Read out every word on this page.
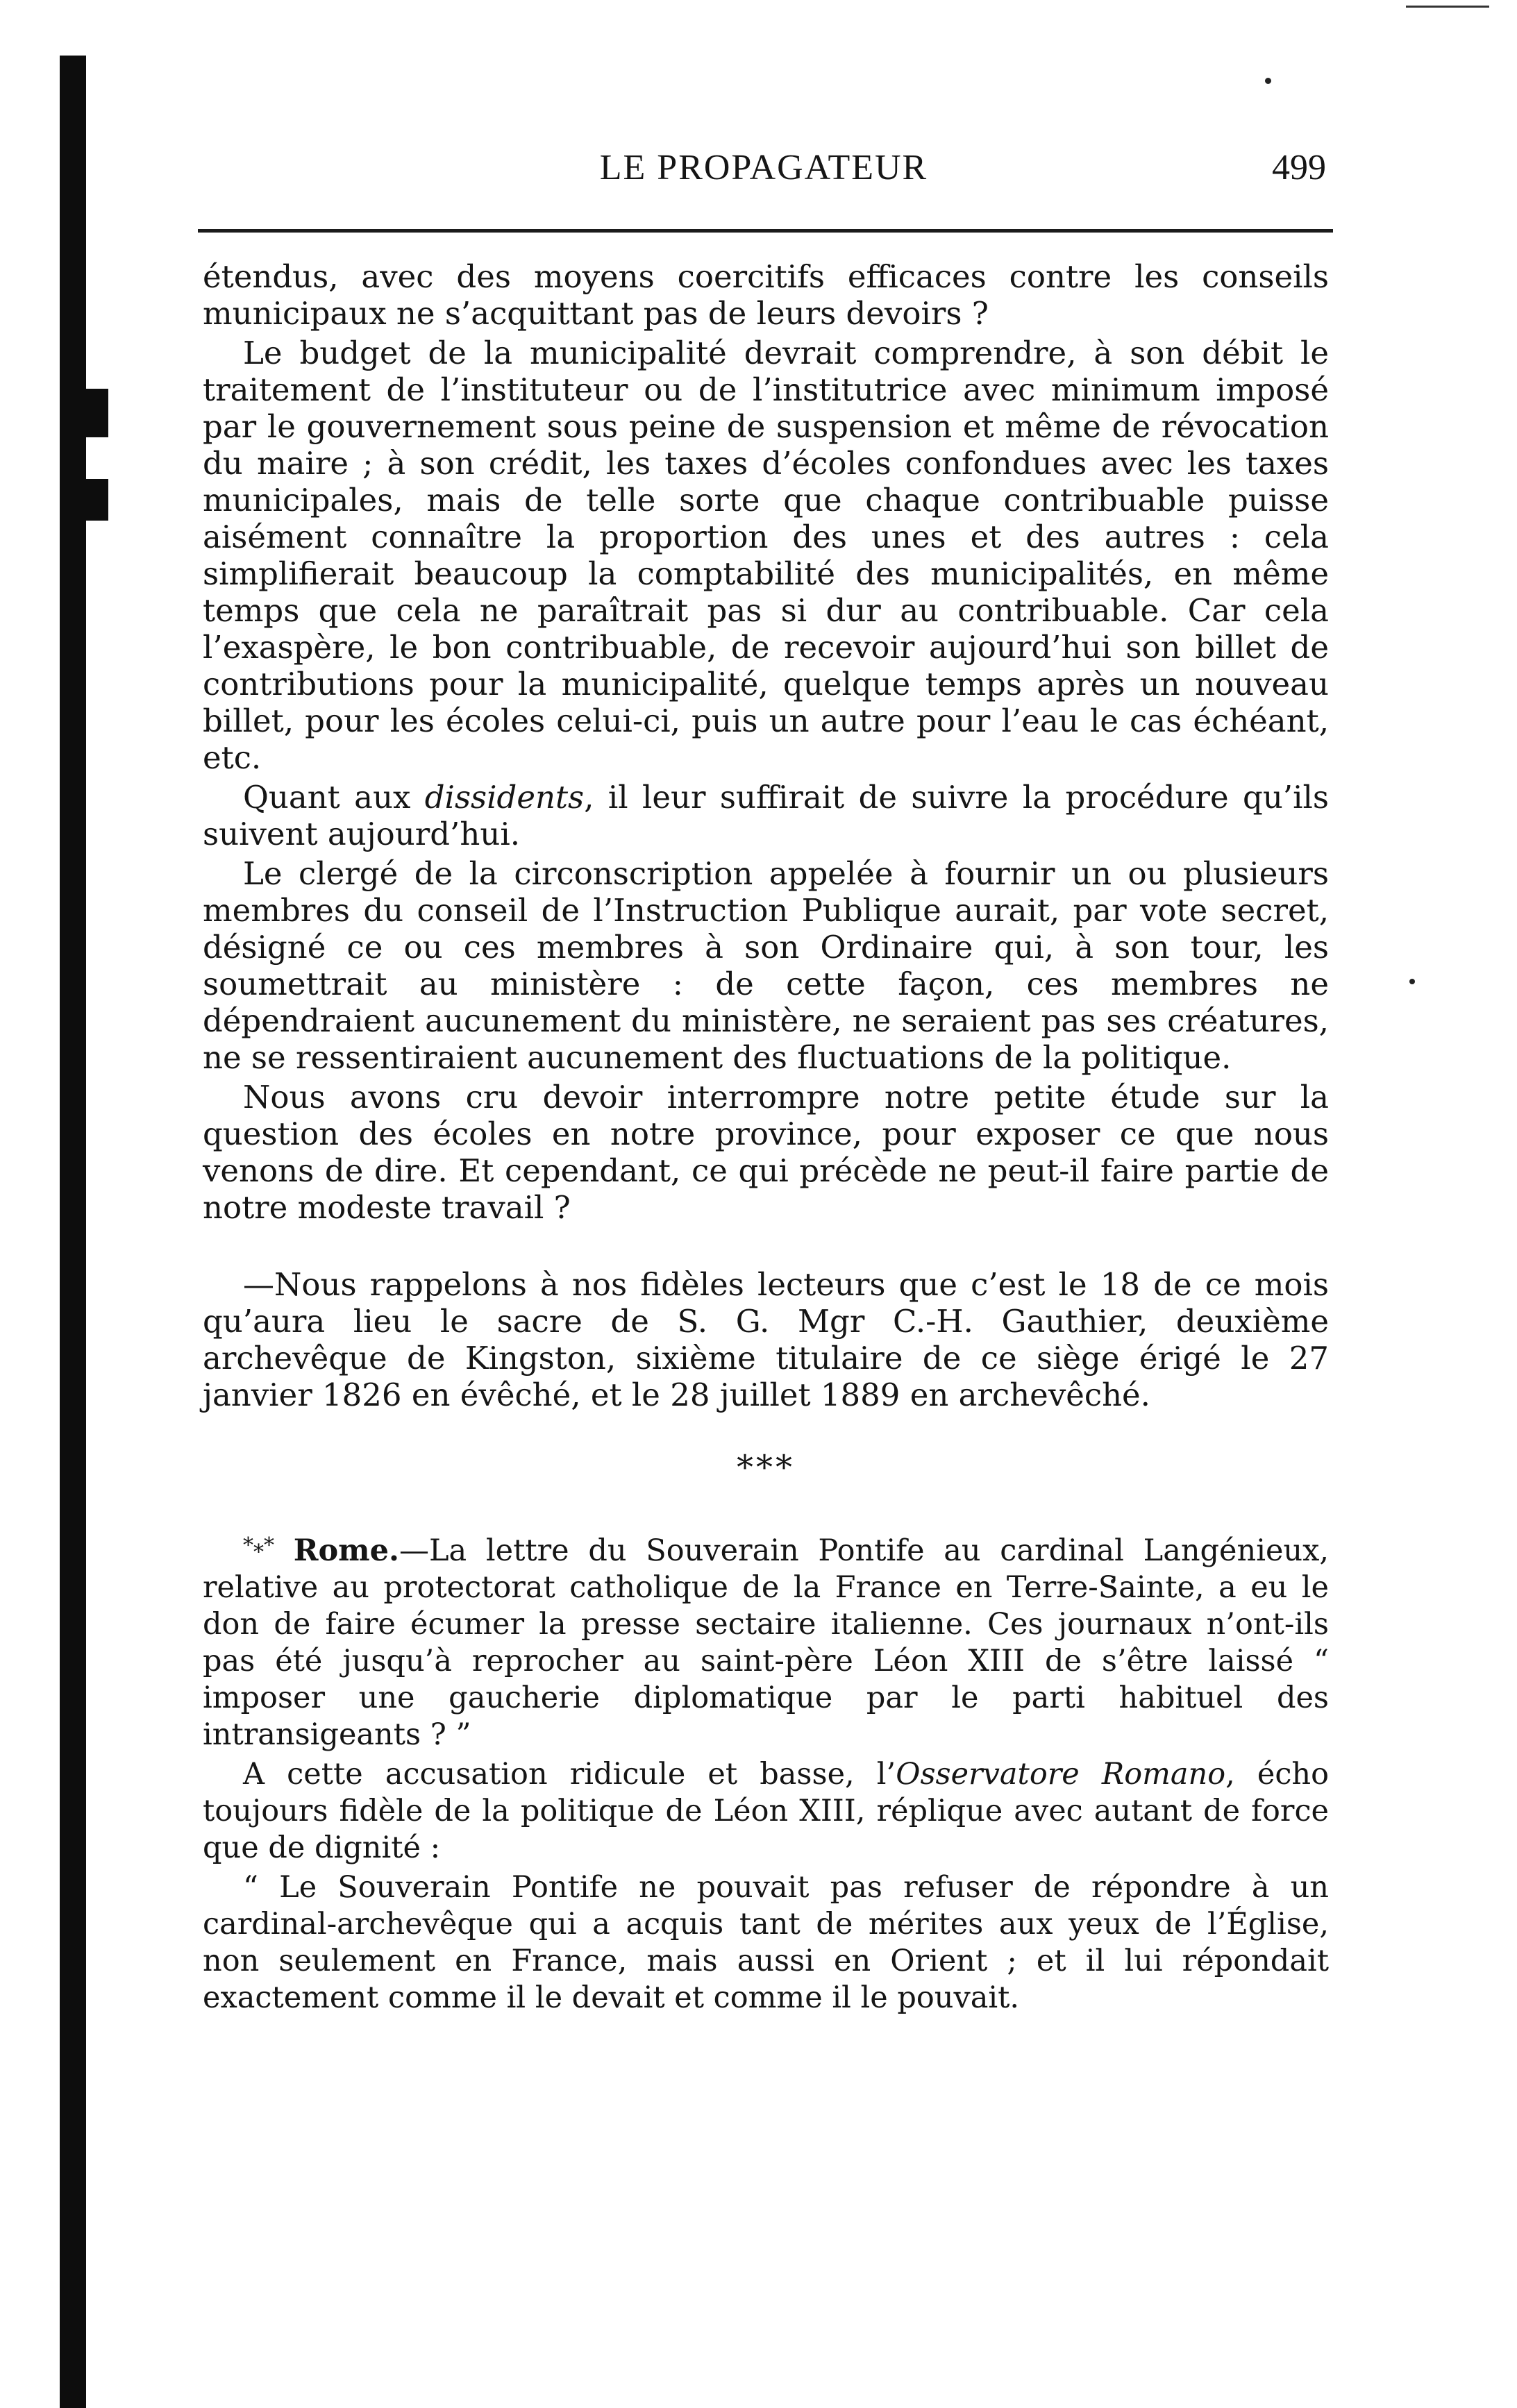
LE PROPAGATEUR	499

étendus, avec des moyens coercitifs efficaces contre les conseils municipaux ne s’acquittant pas de leurs devoirs ?

Le budget de la municipalité devrait comprendre, à son débit le traitement de l’instituteur ou de l’institutrice avec minimum imposé par le gouvernement sous peine de suspension et même de révocation du maire ; à son crédit, les taxes d’écoles confondues avec les taxes municipales, mais de telle sorte que chaque contribuable puisse aisément connaître la proportion des unes et des autres : cela simplifierait beaucoup la comptabilité des municipalités, en même temps que cela ne paraîtrait pas si dur au contribuable. Car cela l’exaspère, le bon contribuable, de recevoir aujourd’hui son billet de contributions pour la municipalité, quelque temps après un nouveau billet, pour les écoles celui-ci, puis un autre pour l’eau le cas échéant, etc.

Quant aux dissidents, il leur suffirait de suivre la procédure qu’ils suivent aujourd’hui.

Le clergé de la circonscription appelée à fournir un ou plusieurs membres du conseil de l’Instruction Publique aurait, par vote secret, désigné ce ou ces membres à son Ordinaire qui, à son tour, les soumettrait au ministère : de cette façon, ces membres ne dépendraient aucunement du ministère, ne seraient pas ses créatures, ne se ressentiraient aucunement des fluctuations de la politique.

Nous avons cru devoir interrompre notre petite étude sur la question des écoles en notre province, pour exposer ce que nous venons de dire. Et cependant, ce qui précède ne peut-il faire partie de notre modeste travail ?

—Nous rappelons à nos fidèles lecteurs que c’est le 18 de ce mois qu’aura lieu le sacre de S. G. Mgr C.-H. Gauthier, deuxième archevêque de Kingston, sixième titulaire de ce siège érigé le 27 janvier 1826 en évêché, et le 28 juillet 1889 en archevêché.

***

*⁎* Rome.—La lettre du Souverain Pontife au cardinal Langénieux, relative au protectorat catholique de la France en Terre-Sainte, a eu le don de faire écumer la presse sectaire italienne. Ces journaux n’ont-ils pas été jusqu’à reprocher au saint-père Léon XIII de s’être laissé “ imposer une gaucherie diplomatique par le parti habituel des intransigeants ? ”

A cette accusation ridicule et basse, l’Osservatore Romano, écho toujours fidèle de la politique de Léon XIII, réplique avec autant de force que de dignité :

“ Le Souverain Pontife ne pouvait pas refuser de répondre à un cardinal-archevêque qui a acquis tant de mérites aux yeux de l’Église, non seulement en France, mais aussi en Orient ; et il lui répondait exactement comme il le devait et comme il le pouvait.
